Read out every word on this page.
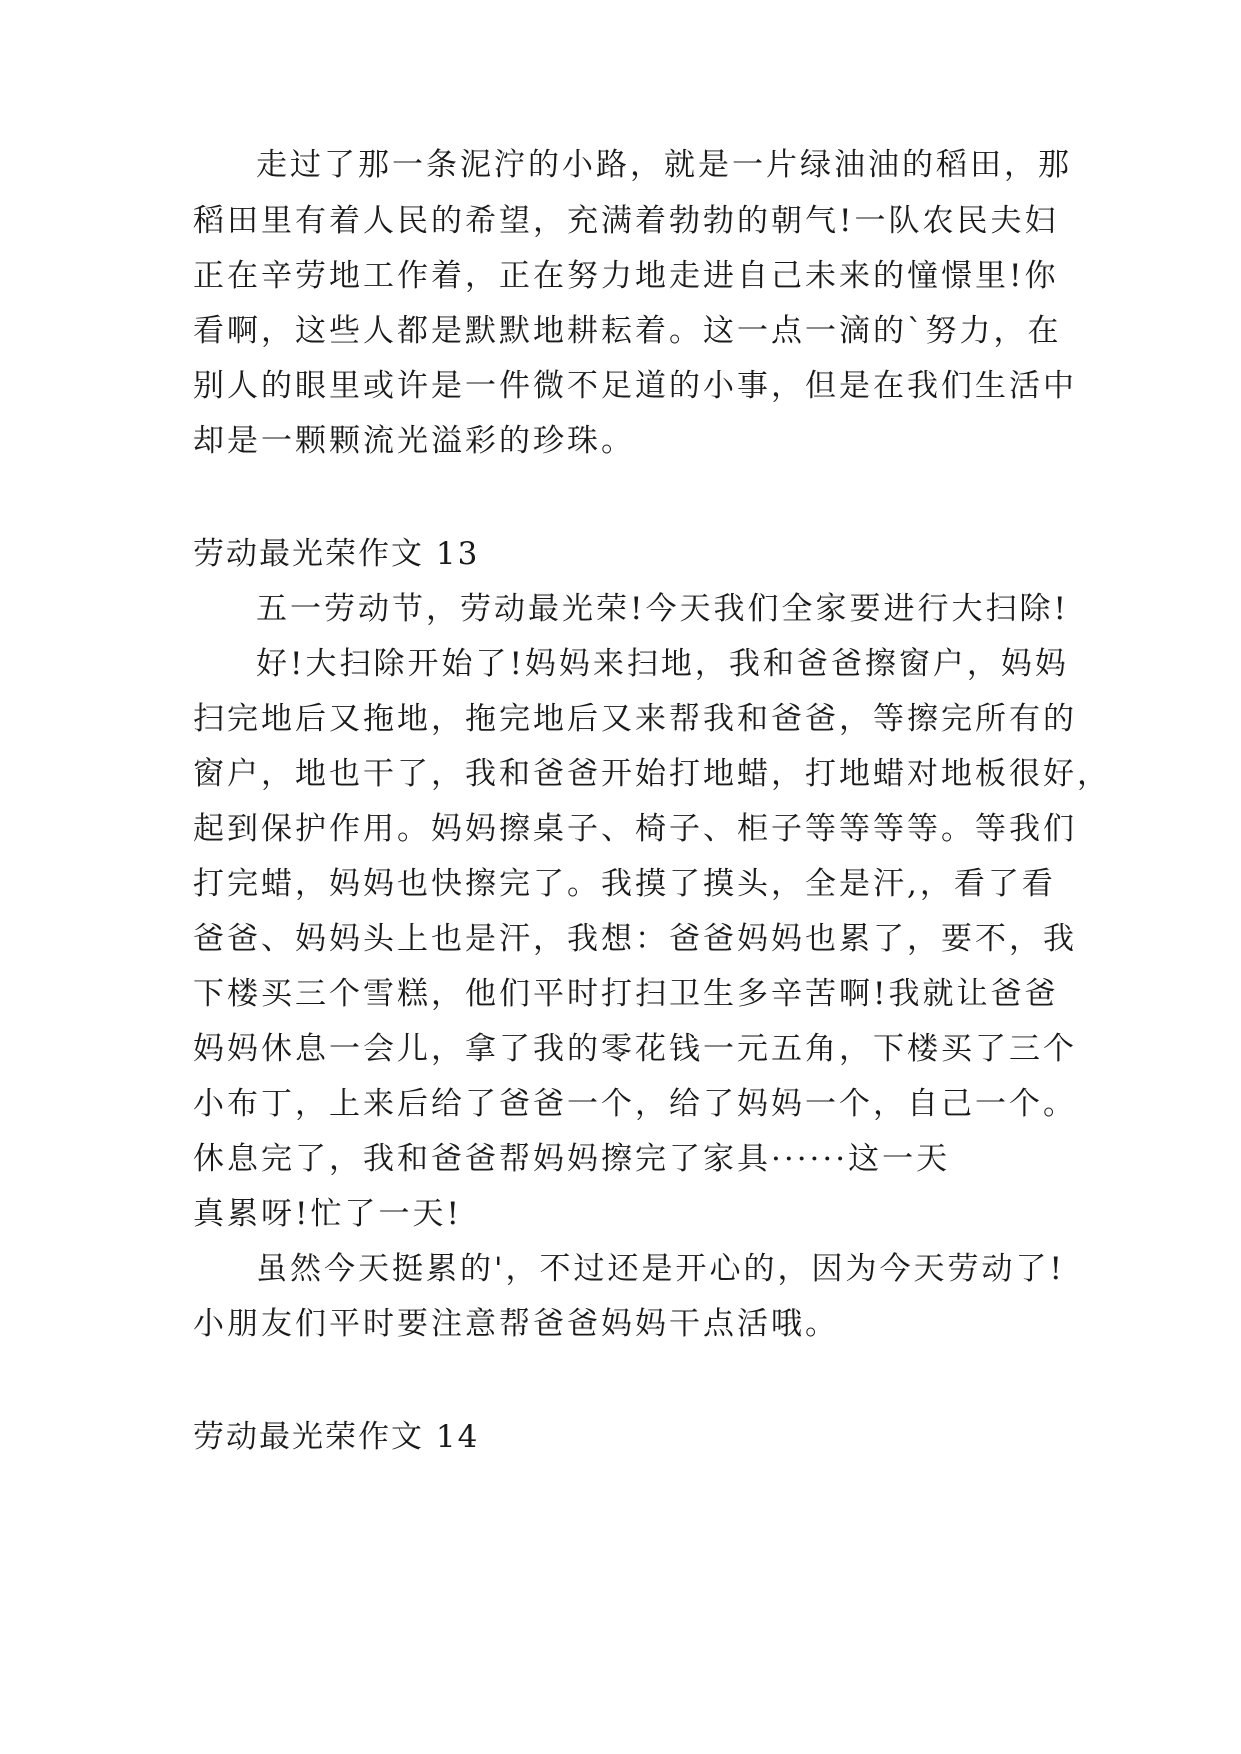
走过了那一条泥泞的小路，就是一片绿油油的稻田，那
稻田里有着人民的希望，充满着勃勃的朝气!一队农民夫妇
正在辛劳地工作着，正在努力地走进自己未来的憧憬里!你
看啊，这些人都是默默地耕耘着。这一点一滴的`努力，在
别人的眼里或许是一件微不足道的小事，但是在我们生活中
却是一颗颗流光溢彩的珍珠。
劳动最光荣作文 13
五一劳动节，劳动最光荣!今天我们全家要进行大扫除!
好!大扫除开始了!妈妈来扫地，我和爸爸擦窗户，妈妈
扫完地后又拖地，拖完地后又来帮我和爸爸，等擦完所有的
窗户，地也干了，我和爸爸开始打地蜡，打地蜡对地板很好，
起到保护作用。妈妈擦桌子、椅子、柜子等等等等。等我们
打完蜡，妈妈也快擦完了。我摸了摸头，全是汗,，看了看
爸爸、妈妈头上也是汗，我想：爸爸妈妈也累了，要不，我
下楼买三个雪糕，他们平时打扫卫生多辛苦啊!我就让爸爸
妈妈休息一会儿，拿了我的零花钱一元五角，下楼买了三个
小布丁，上来后给了爸爸一个，给了妈妈一个，自己一个。
休息完了，我和爸爸帮妈妈擦完了家具······这一天
真累呀!忙了一天!
虽然今天挺累的'，不过还是开心的，因为今天劳动了!
小朋友们平时要注意帮爸爸妈妈干点活哦。
劳动最光荣作文 14
